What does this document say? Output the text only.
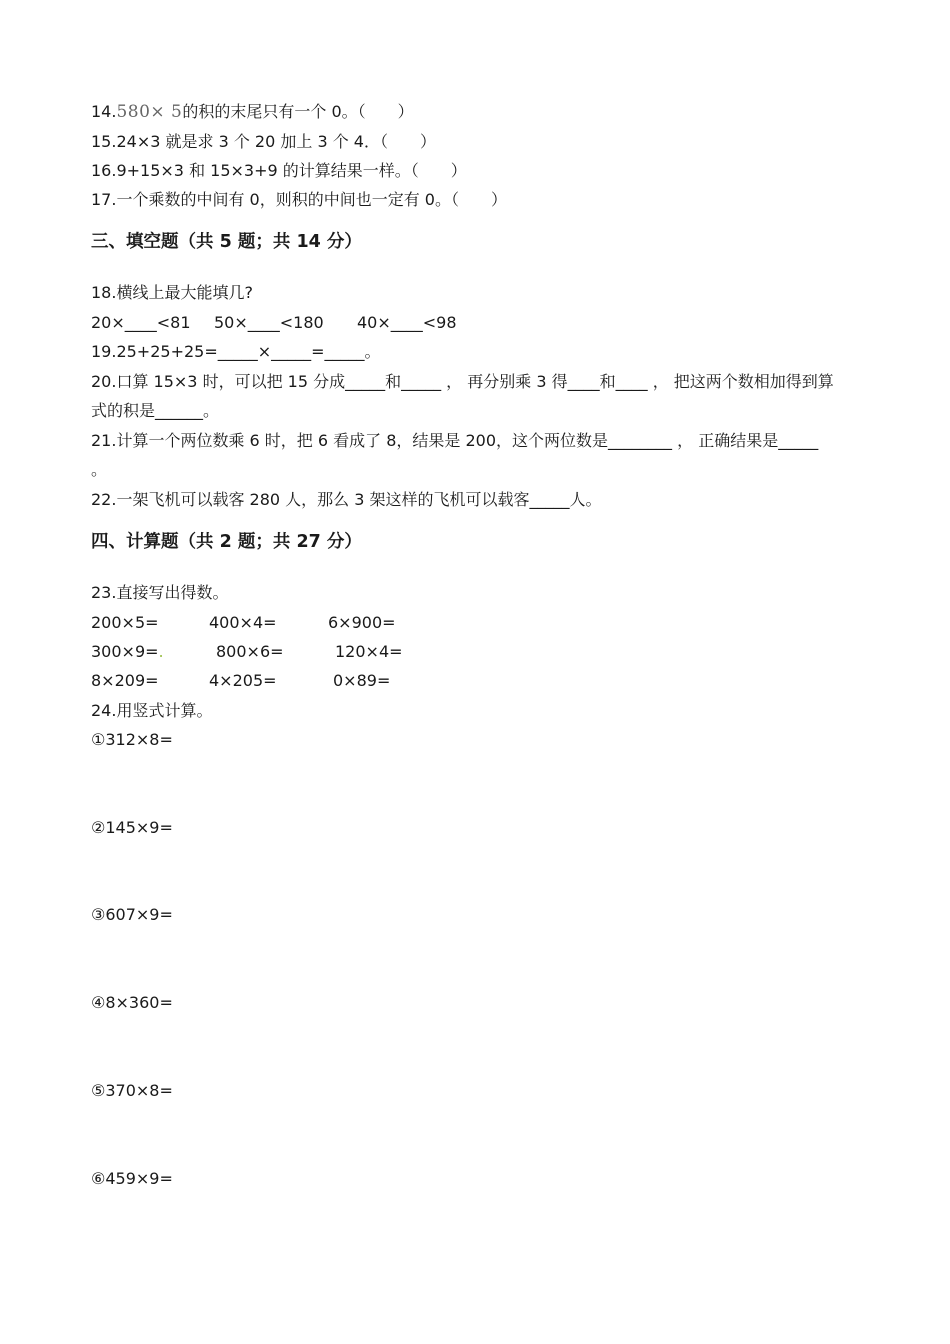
14.580× 5的积的末尾只有一个 0。（　　）
15.24×3 就是求 3 个 20 加上 3 个 4．（　　）
16.9+15×3 和 15×3+9 的计算结果一样。（　　）
17.一个乘数的中间有 0，则积的中间也一定有 0。（　　）
三、填空题（共 5 题；共 14 分）
18.横线上最大能填几?
20×____<81 50×____<180 40×____<98
19.25+25+25=_____×_____=_____。
20.口算 15×3 时，可以把 15 分成_____和_____ ， 再分别乘 3 得____和____ ， 把这两个数相加得到算
式的积是______。
21.计算一个两位数乘 6 时，把 6 看成了 8，结果是 200，这个两位数是________ ， 正确结果是_____
。
22.一架飞机可以载客 280 人，那么 3 架这样的飞机可以载客_____人。
四、计算题（共 2 题；共 27 分）
23.直接写出得数。
200×5=	400×4=	6×900=
300×9=.	800×6=	120×4=
8×209=	4×205=	0×89=
24.用竖式计算。
①312×8=
②145×9=
③607×9=
④8×360=
⑤370×8=
⑥459×9=
